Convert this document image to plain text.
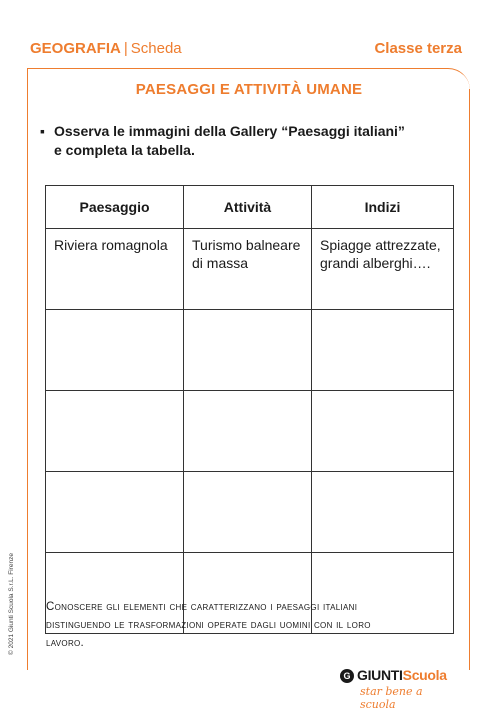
GEOGRAFIA | Scheda	Classe terza
PAESAGGI E ATTIVITÀ UMANE
▪ Osserva le immagini della Gallery “Paesaggi italiani”
e completa la tabella.
Paesaggio	Attività	Indizi
Riviera romagnola	Turismo balneare di massa	Spiagge attrezzate, grandi alberghi….

Conoscere gli elementi che caratterizzano i paesaggi italiani
distinguendo le trasformazioni operate dagli uomini con il loro
lavoro.
© 2021 Giunti Scuola S.r.L. Firenze
G GIUNTIScuola
star bene a scuola
